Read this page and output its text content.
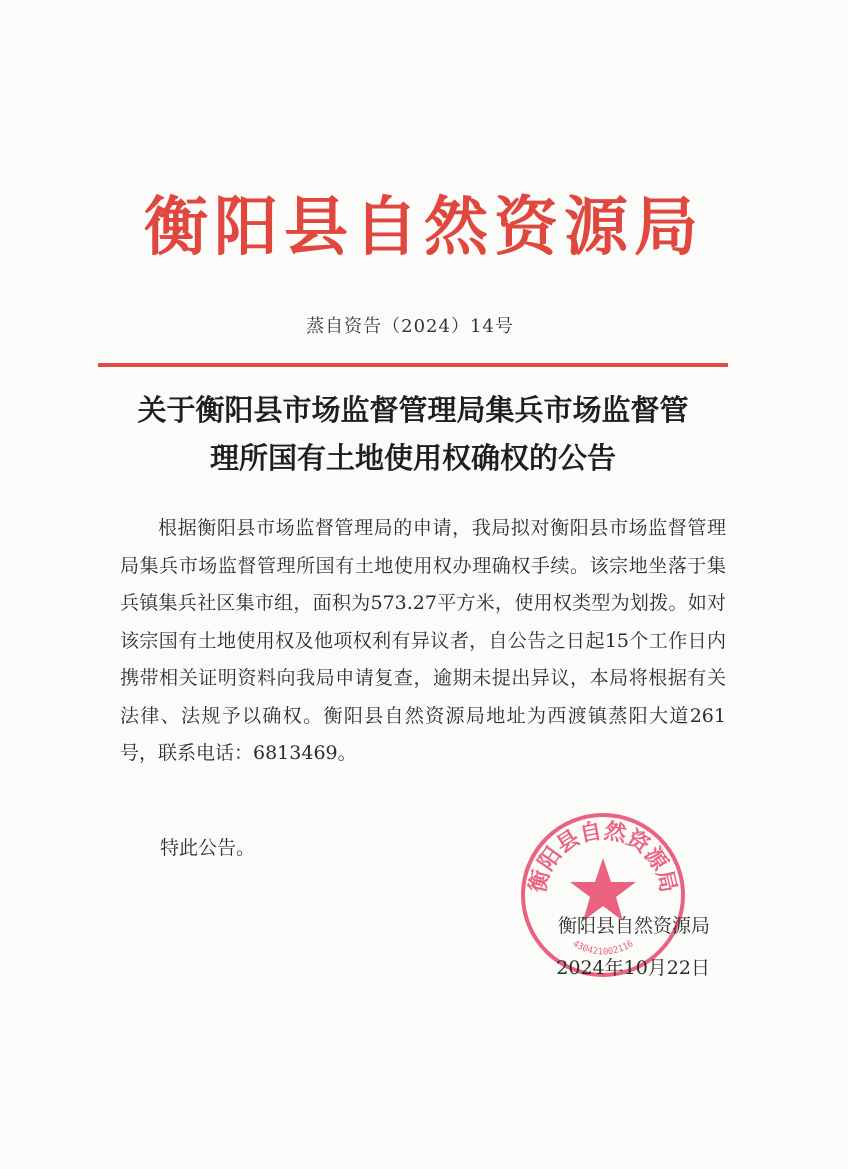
衡阳县自然资源局
蒸自资告（2024）14号
关于衡阳县市场监督管理局集兵市场监督管
理所国有土地使用权确权的公告

根据衡阳县市场监督管理局的申请，我局拟对衡阳县市场监督管理局集兵市场监督管理所国有土地使用权办理确权手续。该宗地坐落于集兵镇集兵社区集市组，面积为573.27平方米，使用权类型为划拨。如对该宗国有土地使用权及他项权利有异议者，自公告之日起15个工作日内携带相关证明资料向我局申请复查，逾期未提出异议，本局将根据有关法律、法规予以确权。衡阳县自然资源局地址为西渡镇蒸阳大道261号，联系电话：6813469。

特此公告。
衡阳县自然资源局
430421002116
衡阳县自然资源局
2024年10月22日
